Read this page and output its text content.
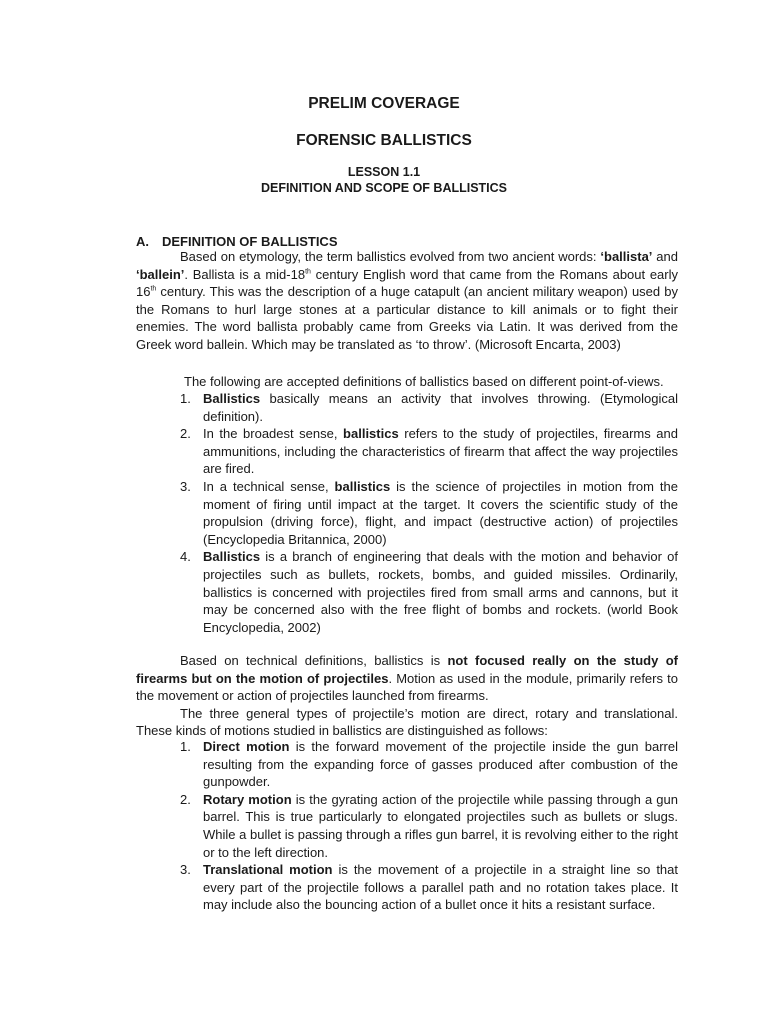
PRELIM COVERAGE
FORENSIC BALLISTICS
LESSON 1.1
DEFINITION AND SCOPE OF BALLISTICS
A. DEFINITION OF BALLISTICS

Based on etymology, the term ballistics evolved from two ancient words: ‘ballista’ and ‘ballein’. Ballista is a mid-18th century English word that came from the Romans about early 16th century. This was the description of a huge catapult (an ancient military weapon) used by the Romans to hurl large stones at a particular distance to kill animals or to fight their enemies. The word ballista probably came from Greeks via Latin. It was derived from the Greek word ballein. Which may be translated as ‘to throw’. (Microsoft Encarta, 2003)

The following are accepted definitions of ballistics based on different point-of-views.
1. Ballistics basically means an activity that involves throwing. (Etymological definition).
2. In the broadest sense, ballistics refers to the study of projectiles, firearms and ammunitions, including the characteristics of firearm that affect the way projectiles are fired.
3. In a technical sense, ballistics is the science of projectiles in motion from the moment of firing until impact at the target. It covers the scientific study of the propulsion (driving force), flight, and impact (destructive action) of projectiles (Encyclopedia Britannica, 2000)
4. Ballistics is a branch of engineering that deals with the motion and behavior of projectiles such as bullets, rockets, bombs, and guided missiles. Ordinarily, ballistics is concerned with projectiles fired from small arms and cannons, but it may be concerned also with the free flight of bombs and rockets. (world Book Encyclopedia, 2002)

Based on technical definitions, ballistics is not focused really on the study of firearms but on the motion of projectiles. Motion as used in the module, primarily refers to the movement or action of projectiles launched from firearms.

The three general types of projectile’s motion are direct, rotary and translational. These kinds of motions studied in ballistics are distinguished as follows:

1. Direct motion is the forward movement of the projectile inside the gun barrel resulting from the expanding force of gasses produced after combustion of the gunpowder.
2. Rotary motion is the gyrating action of the projectile while passing through a gun barrel. This is true particularly to elongated projectiles such as bullets or slugs. While a bullet is passing through a rifles gun barrel, it is revolving either to the right or to the left direction.
3. Translational motion is the movement of a projectile in a straight line so that every part of the projectile follows a parallel path and no rotation takes place. It may include also the bouncing action of a bullet once it hits a resistant surface.
